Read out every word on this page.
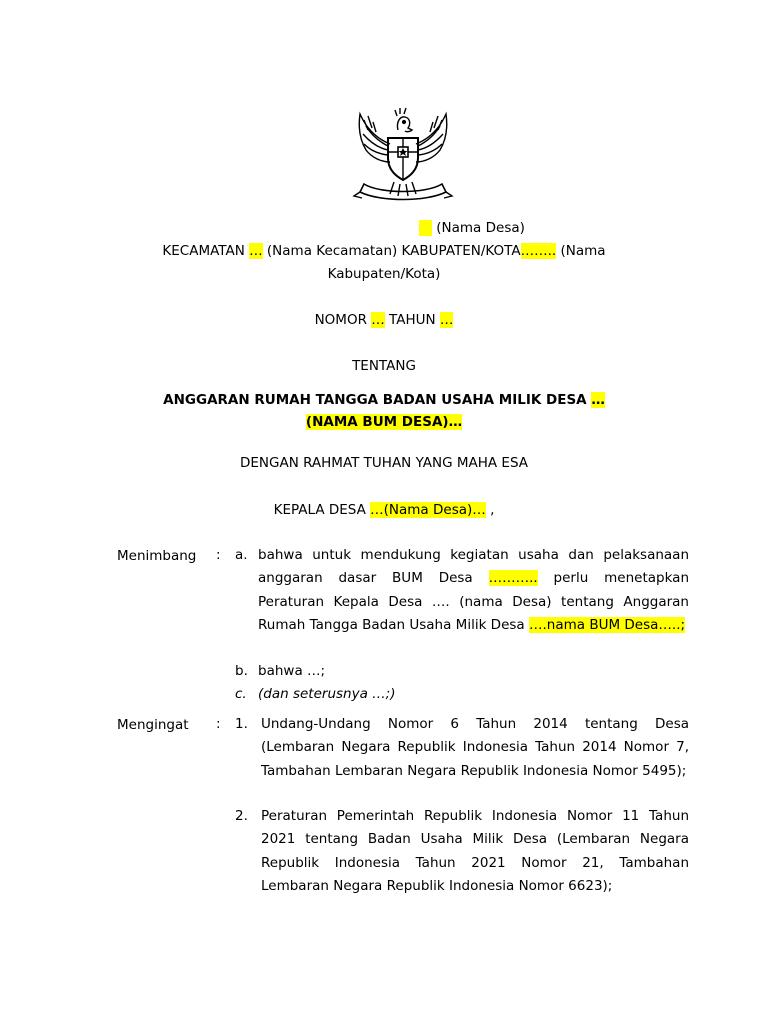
(Nama Desa)
KECAMATAN … (Nama Kecamatan) KABUPATEN/KOTA…….. (Nama
Kabupaten/Kota)
NOMOR … TAHUN …
TENTANG
ANGGARAN RUMAH TANGGA BADAN USAHA MILIK DESA …
(NAMA BUM DESA)…
DENGAN RAHMAT TUHAN YANG MAHA ESA
KEPALA DESA …(Nama Desa)… ,
Menimbang	: a. bahwa untuk mendukung kegiatan usaha dan pelaksanaan anggaran dasar BUM Desa ……….. perlu menetapkan Peraturan Kepala Desa …. (nama Desa) tentang Anggaran Rumah Tangga Badan Usaha Milik Desa ….nama BUM Desa…..;
b. bahwa …;
c. (dan seterusnya …;)
Mengingat	: 1. Undang-Undang Nomor 6 Tahun 2014 tentang Desa (Lembaran Negara Republik Indonesia Tahun 2014 Nomor 7, Tambahan Lembaran Negara Republik Indonesia Nomor 5495);
2. Peraturan Pemerintah Republik Indonesia Nomor 11 Tahun 2021 tentang Badan Usaha Milik Desa (Lembaran Negara Republik Indonesia Tahun 2021 Nomor 21, Tambahan Lembaran Negara Republik Indonesia Nomor 6623);
